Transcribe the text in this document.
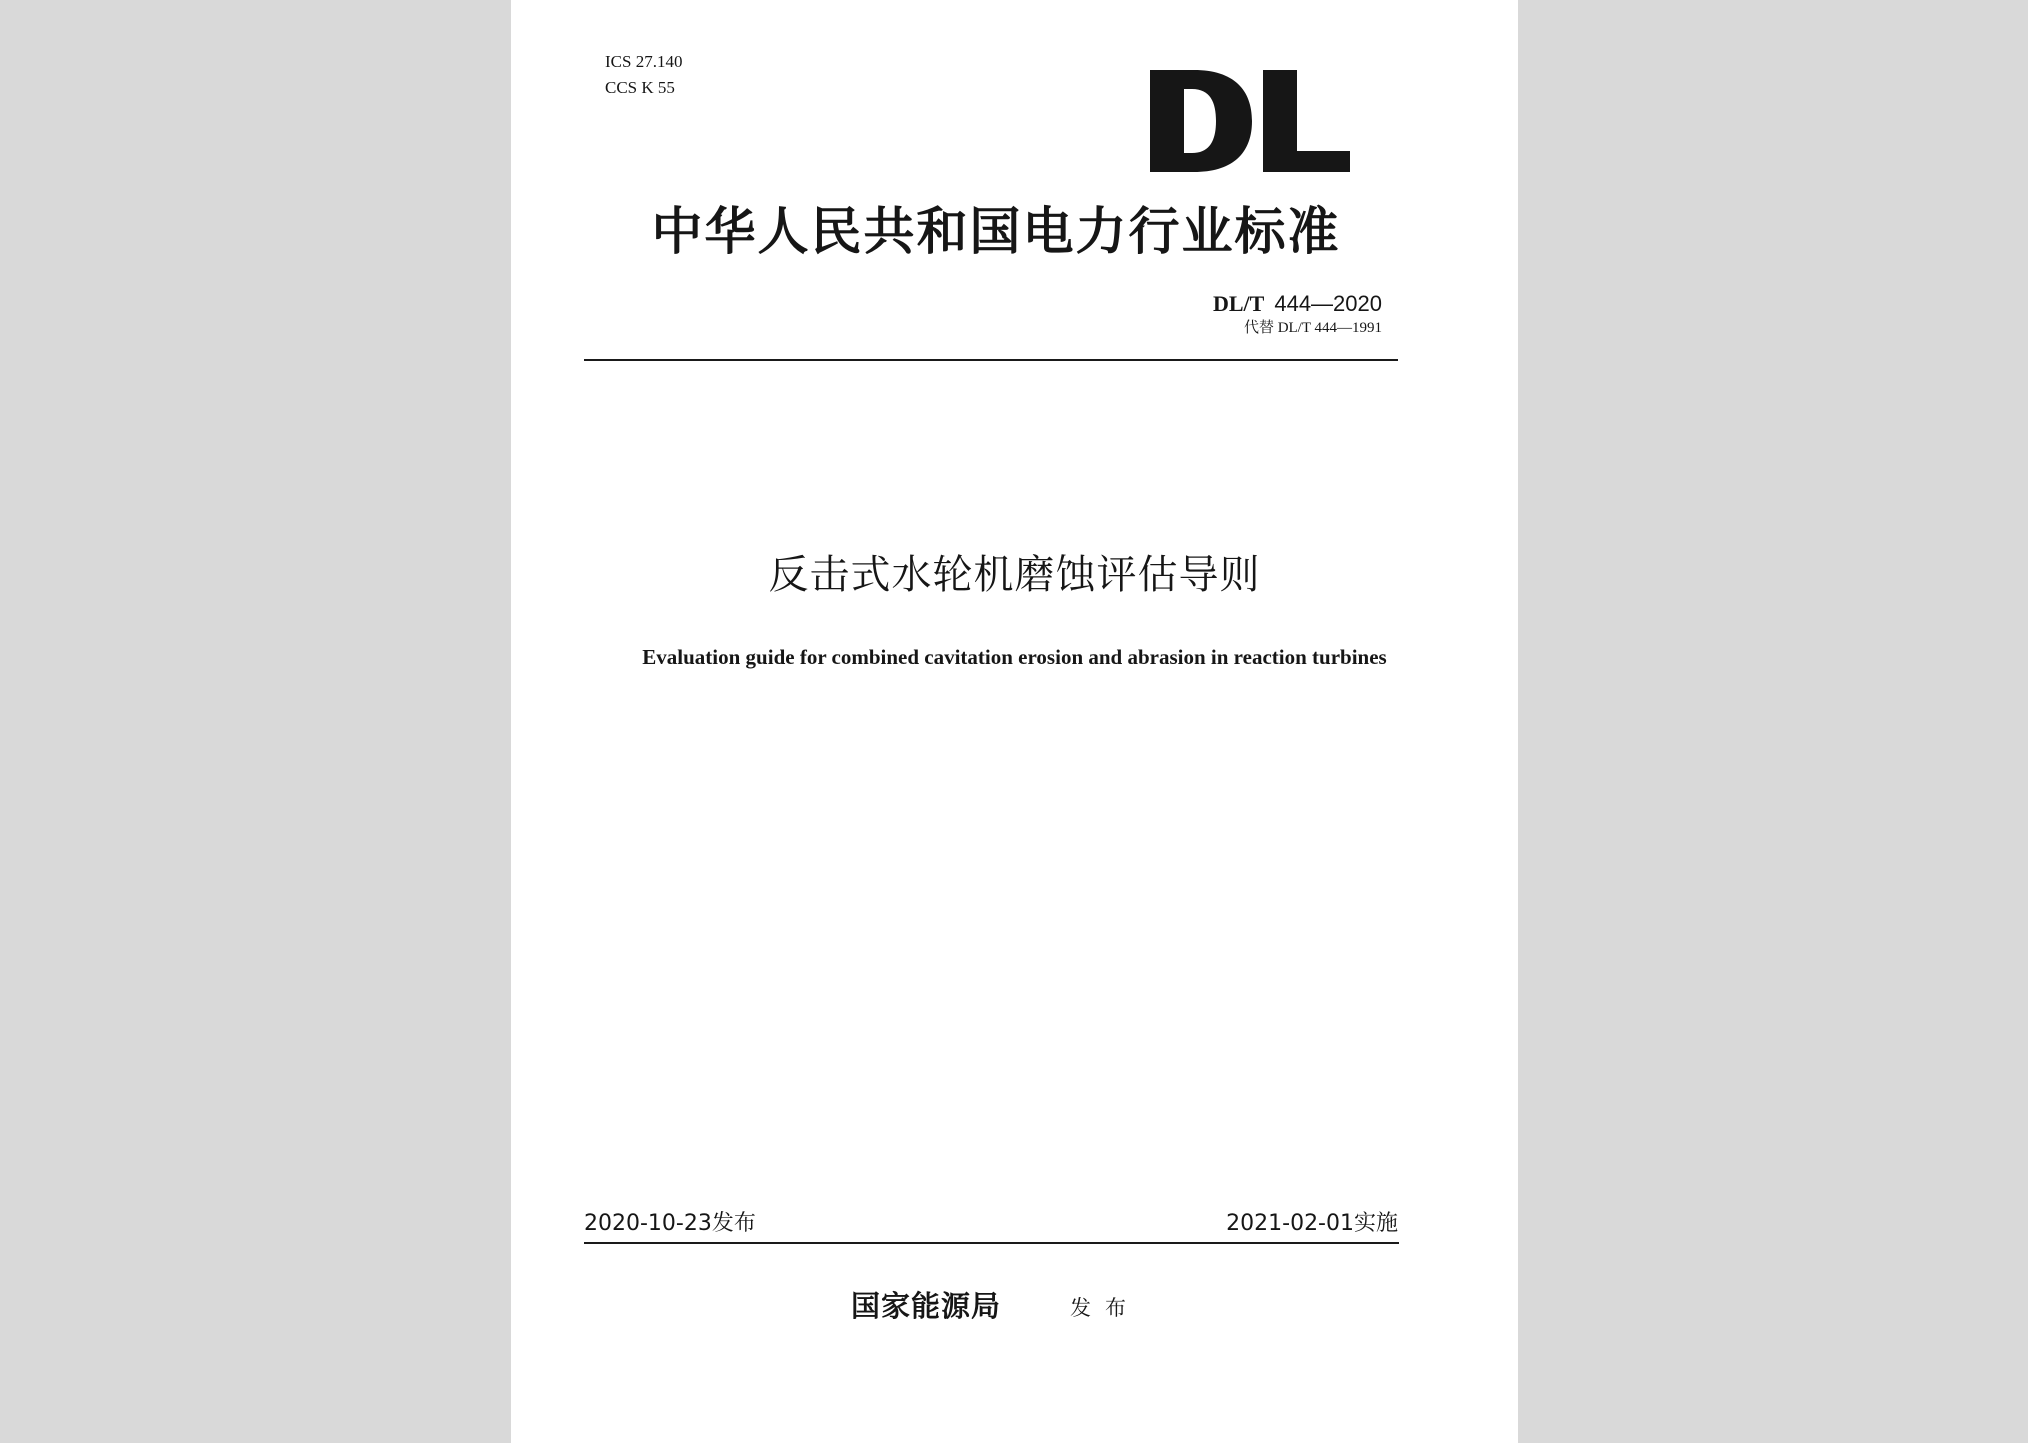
ICS 27.140
CCS K 55
中华人民共和国电力行业标准
DL/T 444—2020
代替 DL/T 444—1991
反击式水轮机磨蚀评估导则
Evaluation guide for combined cavitation erosion and abrasion in reaction turbines
2020-10-23发布	2021-02-01实施
国家能源局	发布
